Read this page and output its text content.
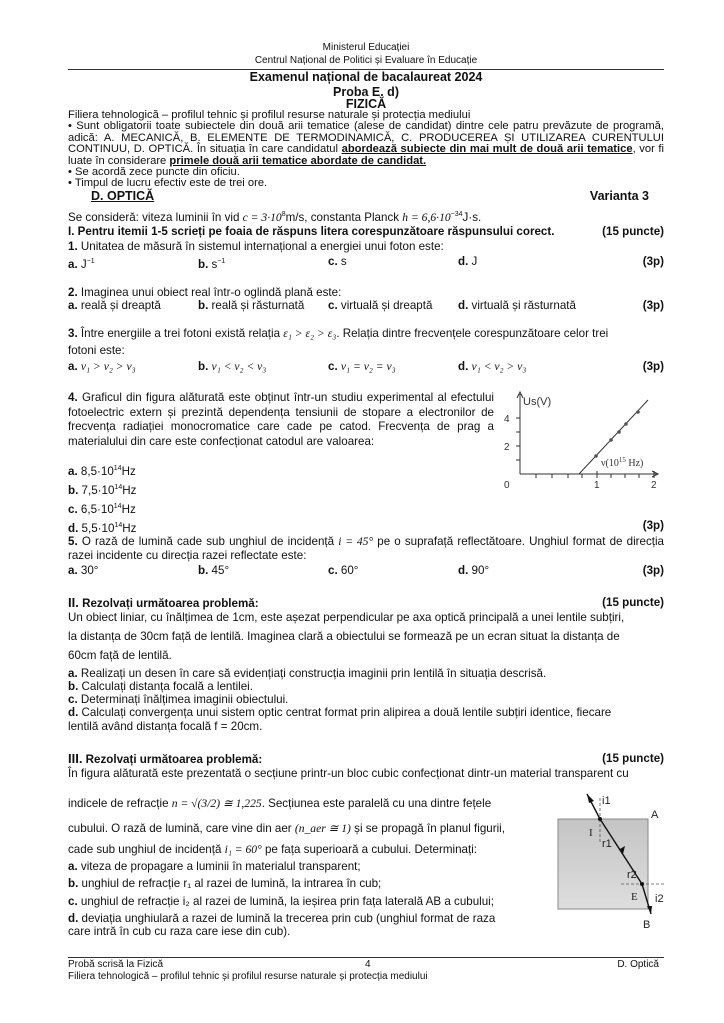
Ministerul Educației
Centrul Național de Politici și Evaluare în Educație
Examenul național de bacalaureat 2024
Proba E. d)
FIZICĂ
Filiera tehnologică – profilul tehnic și profilul resurse naturale și protecția mediului
• Sunt obligatorii toate subiectele din două arii tematice (alese de candidat) dintre cele patru prevăzute de programă, adică: A. MECANICĂ, B. ELEMENTE DE TERMODINAMICĂ, C. PRODUCEREA ȘI UTILIZAREA CURENTULUI CONTINUU, D. OPTICĂ. În situația în care candidatul abordează subiecte din mai mult de două arii tematice, vor fi luate în considerare primele două arii tematice abordate de candidat.
• Se acordă zece puncte din oficiu.
• Timpul de lucru efectiv este de trei ore.
D. OPTICĂ	Varianta 3
Se consideră: viteza luminii în vid $c = 3\cdot 10^8m/s$, constanta Planck $h = 6,6\cdot 10^{-34}J\cdot s$.
I. Pentru itemii 1-5 scrieți pe foaia de răspuns litera corespunzătoare răspunsului corect.	(15 puncte)
1. Unitatea de măsură în sistemul internațional a energiei unui foton este:
a. $J^{-1}$	b. $s^{-1}$	c. s	d. J	(3p)
2. Imaginea unui obiect real într-o oglindă plană este:
a. reală și dreaptă	b. reală și răsturnată c. virtuală și dreaptă d. virtuală și răsturnată	(3p)
3. Între energiile a trei fotoni există relația ε₁ > ε₂ > ε₃. Relația dintre frecvențele corespunzătoare celor trei
fotoni este:
a. ν₁ > ν₂ > ν₃	b. ν₁ < ν₂ < ν₃	c. ν₁ = ν₂ = ν₃	d. ν₁ < ν₂ > ν₃	(3p)
4. Graficul din figura alăturată este obținut într-un studiu experimental al efectului fotoelectric extern și prezintă dependența tensiunii de stopare a electronilor de frecvența radiației monocromatice care cade pe catod. Frecvența de prag a materialului din care este confecționat catodul are valoarea:
a. $8,5\cdot 10^{14}Hz$
b. $7,5\cdot 10^{14}Hz$
c. $6,5\cdot 10^{14}Hz$
d. $5,5\cdot 10^{14}Hz$	(3p)
Us(V)
4
2
0	1	2
$\nu(10^{15}$ Hz)
5. O rază de lumină cade sub unghiul de incidență i = 45° pe o suprafață reflectătoare. Unghiul format de direcția razei incidente cu direcția razei reflectate este:
a. 30°	b. 45°	c. 60°	d. 90°	(3p)
II. Rezolvați următoarea problemă:	(15 puncte)
Un obiect liniar, cu înălțimea de 1cm, este așezat perpendicular pe axa optică principală a unei lentile subțiri,
la distanța de 30cm față de lentilă. Imaginea clară a obiectului se formează pe un ecran situat la distanța de
60cm față de lentilă.
a. Realizați un desen în care să evidențiați construcția imaginii prin lentilă în situația descrisă.
b. Calculați distanța focală a lentilei.
c. Determinați înălțimea imaginii obiectului.
d. Calculați convergența unui sistem optic centrat format prin alipirea a două lentile subțiri identice, fiecare
lentilă având distanța focală f = 20cm.
III. Rezolvați următoarea problemă:	(15 puncte)
În figura alăturată este prezentată o secțiune printr-un bloc cubic confecționat dintr-un material transparent cu
indicele de refracție n = √(3/2) ≅ 1,225. Secțiunea este paralelă cu una dintre fețele
cubului. O rază de lumină, care vine din aer (n_aer ≅ 1) și se propagă în planul figurii,
cade sub unghiul de incidență i₁ = 60° pe fața superioară a cubului. Determinați:
a. viteza de propagare a luminii în materialul transparent;
b. unghiul de refracție r₁ al razei de lumină, la intrarea în cub;
c. unghiul de refracție i₂ al razei de lumină, la ieșirea prin fața laterală AB a cubului;
d. deviația unghiulară a razei de lumină la trecerea prin cub (unghiul format de raza
care intră în cub cu raza care iese din cub).
i1
A
I
r1
r2
E i2
B
Probă scrisă la Fizică	4	D. Optică
Filiera tehnologică – profilul tehnic și profilul resurse naturale și protecția mediului
